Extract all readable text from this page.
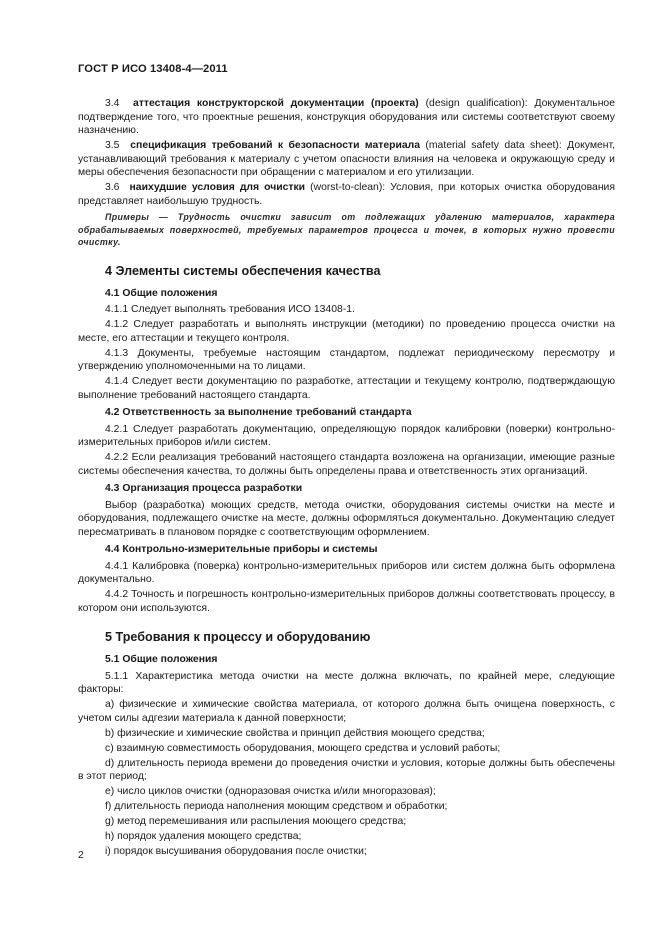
ГОСТ Р ИСО 13408-4—2011

3.4 аттестация конструкторской документации (проекта) (design qualification): Документальное подтверждение того, что проектные решения, конструкция оборудования или системы соответствуют своему назначению.

3.5 спецификация требований к безопасности материала (material safety data sheet): Документ, устанавливающий требования к материалу с учетом опасности влияния на человека и окружающую среду и меры обеспечения безопасности при обращении с материалом и его утилизации.

3.6 наихудшие условия для очистки (worst-to-clean): Условия, при которых очистка оборудования представляет наибольшую трудность.

Примеры — Трудность очистки зависит от подлежащих удалению материалов, характера обрабатываемых поверхностей, требуемых параметров процесса и точек, в которых нужно провести очистку.

4 Элементы системы обеспечения качества
4.1 Общие положения

4.1.1 Следует выполнять требования ИСО 13408-1.

4.1.2 Следует разработать и выполнять инструкции (методики) по проведению процесса очистки на месте, его аттестации и текущего контроля.

4.1.3 Документы, требуемые настоящим стандартом, подлежат периодическому пересмотру и утверждению уполномоченными на то лицами.

4.1.4 Следует вести документацию по разработке, аттестации и текущему контролю, подтверждающую выполнение требований настоящего стандарта.

4.2 Ответственность за выполнение требований стандарта

4.2.1 Следует разработать документацию, определяющую порядок калибровки (поверки) контрольно-измерительных приборов и/или систем.

4.2.2 Если реализация требований настоящего стандарта возложена на организации, имеющие разные системы обеспечения качества, то должны быть определены права и ответственность этих организаций.

4.3 Организация процесса разработки

Выбор (разработка) моющих средств, метода очистки, оборудования системы очистки на месте и оборудования, подлежащего очистке на месте, должны оформляться документально. Документацию следует пересматривать в плановом порядке с соответствующим оформлением.

4.4 Контрольно-измерительные приборы и системы

4.4.1 Калибровка (поверка) контрольно-измерительных приборов или систем должна быть оформлена документально.

4.4.2 Точность и погрешность контрольно-измерительных приборов должны соответствовать процессу, в котором они используются.

5 Требования к процессу и оборудованию
5.1 Общие положения

5.1.1 Характеристика метода очистки на месте должна включать, по крайней мере, следующие факторы:

a) физические и химические свойства материала, от которого должна быть очищена поверхность, с учетом силы адгезии материала к данной поверхности;

b) физические и химические свойства и принцип действия моющего средства;

c) взаимную совместимость оборудования, моющего средства и условий работы;

d) длительность периода времени до проведения очистки и условия, которые должны быть обеспечены в этот период;

e) число циклов очистки (одноразовая очистка и/или многоразовая);

f) длительность периода наполнения моющим средством и обработки;

g) метод перемешивания или распыления моющего средства;

h) порядок удаления моющего средства;

i) порядок высушивания оборудования после очистки;

2
